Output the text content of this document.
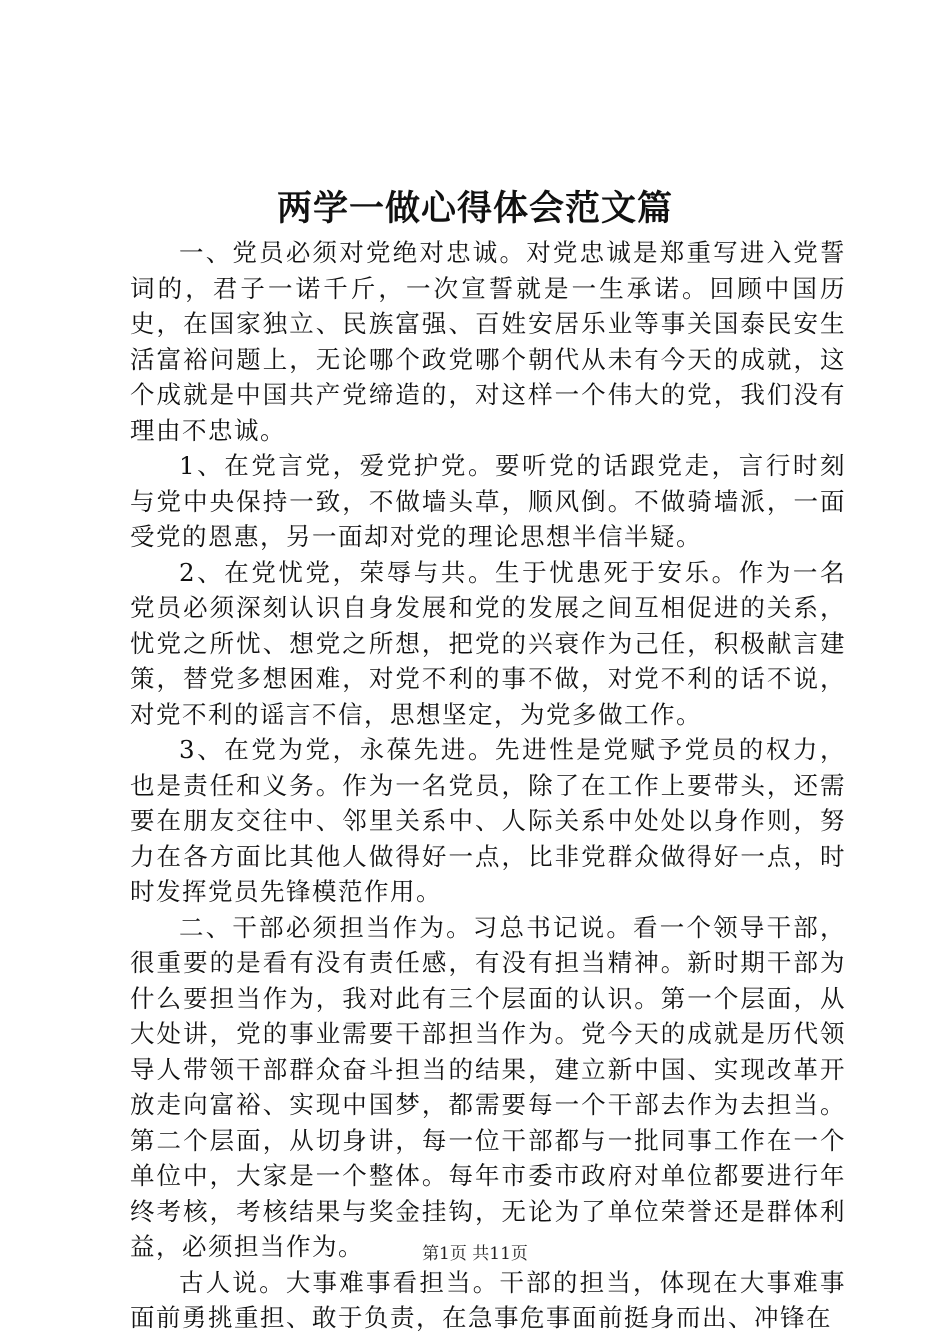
两学一做心得体会范文篇

一、党员必须对党绝对忠诚。对党忠诚是郑重写进入党誓词的，君子一诺千斤，一次宣誓就是一生承诺。回顾中国历史，在国家独立、民族富强、百姓安居乐业等事关国泰民安生活富裕问题上，无论哪个政党哪个朝代从未有今天的成就，这个成就是中国共产党缔造的，对这样一个伟大的党，我们没有理由不忠诚。

1、在党言党，爱党护党。要听党的话跟党走，言行时刻与党中央保持一致，不做墙头草，顺风倒。不做骑墙派，一面受党的恩惠，另一面却对党的理论思想半信半疑。

2、在党忧党，荣辱与共。生于忧患死于安乐。作为一名党员必须深刻认识自身发展和党的发展之间互相促进的关系，忧党之所忧、想党之所想，把党的兴衰作为己任，积极献言建策，替党多想困难，对党不利的事不做，对党不利的话不说，对党不利的谣言不信，思想坚定，为党多做工作。

3、在党为党，永葆先进。先进性是党赋予党员的权力，也是责任和义务。作为一名党员，除了在工作上要带头，还需要在朋友交往中、邻里关系中、人际关系中处处以身作则，努力在各方面比其他人做得好一点，比非党群众做得好一点，时时发挥党员先锋模范作用。

二、干部必须担当作为。习总书记说。看一个领导干部，很重要的是看有没有责任感，有没有担当精神。新时期干部为什么要担当作为，我对此有三个层面的认识。第一个层面，从大处讲，党的事业需要干部担当作为。党今天的成就是历代领导人带领干部群众奋斗担当的结果，建立新中国、实现改革开放走向富裕、实现中国梦，都需要每一个干部去作为去担当。第二个层面，从切身讲，每一位干部都与一批同事工作在一个单位中，大家是一个整体。每年市委市政府对单位都要进行年终考核，考核结果与奖金挂钩，无论为了单位荣誉还是群体利益，必须担当作为。

古人说。大事难事看担当。干部的担当，体现在大事难事面前勇挑重担、敢于负责，在急事危事面前挺身而出、冲锋在

第1页 共11页
